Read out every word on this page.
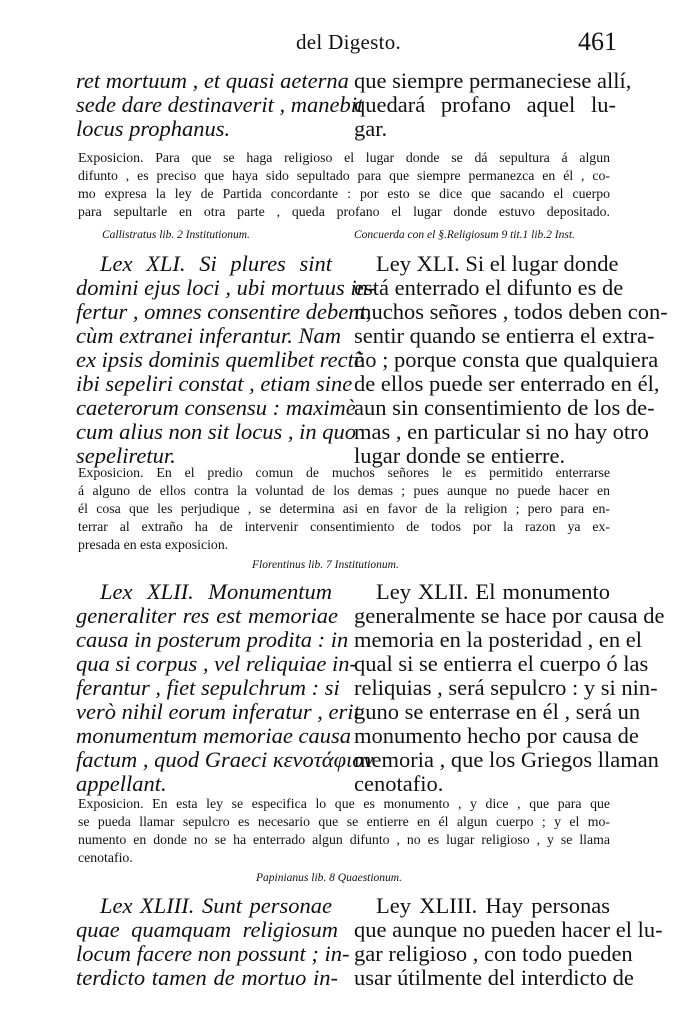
del Digesto.	461
ret mortuum , et quasi aeterna
sede dare destinaverit , manebit
locus prophanus.
que siempre permaneciese allí,
quedará profano aquel lu-
gar.
Exposicion. Para que se haga religioso el lugar donde se dá sepultura á algun
difunto , es preciso que haya sido sepultado para que siempre permanezca en él , co-
mo expresa la ley de Partida concordante : por esto se dice que sacando el cuerpo
para sepultarle en otra parte , queda profano el lugar donde estuvo depositado.
Callistratus lib. 2 Institutionum.	Concuerda con el §.Religiosum 9 tit.1 lib.2 Inst.
Lex XLI. Si plures sint
domini ejus loci , ubi mortuus in-
fertur , omnes consentire debent,
cùm extranei inferantur. Nam
ex ipsis dominis quemlibet rectè
ibi sepeliri constat , etiam sine
caeterorum consensu : maximè
cum alius non sit locus , in quo
sepeliretur.
Ley XLI. Si el lugar donde
está enterrado el difunto es de
muchos señores , todos deben con-
sentir quando se entierra el extra-
ño ; porque consta que qualquiera
de ellos puede ser enterrado en él,
aun sin consentimiento de los de-
mas , en particular si no hay otro
lugar donde se entierre.
Exposicion. En el predio comun de muchos señores le es permitido enterrarse
á alguno de ellos contra la voluntad de los demas ; pues aunque no puede hacer en
él cosa que les perjudique , se determina asi en favor de la religion ; pero para en-
terrar al extraño ha de intervenir consentimiento de todos por la razon ya ex-
presada en esta exposicion.
Florentinus lib. 7 Institutionum.
Lex XLII. Monumentum
generaliter res est memoriae
causa in posterum prodita : in
qua si corpus , vel reliquiae in-
ferantur , fiet sepulchrum : si
verò nihil eorum inferatur , erit
monumentum memoriae causa
factum , quod Graeci κενοτάφιον
appellant.
Ley XLII. El monumento
generalmente se hace por causa de
memoria en la posteridad , en el
qual si se entierra el cuerpo ó las
reliquias , será sepulcro : y si nin-
guno se enterrase en él , será un
monumento hecho por causa de
memoria , que los Griegos llaman
cenotafio.
Exposicion. En esta ley se especifica lo que es monumento , y dice , que para que
se pueda llamar sepulcro es necesario que se entierre en él algun cuerpo ; y el mo-
numento en donde no se ha enterrado algun difunto , no es lugar religioso , y se llama
cenotafio.
Papinianus lib. 8 Quaestionum.
Lex XLIII. Sunt personae
quae quamquam religiosum
locum facere non possunt ; in-
terdicto tamen de mortuo in-
Ley XLIII. Hay personas
que aunque no pueden hacer el lu-
gar religioso , con todo pueden
usar útilmente del interdicto de
